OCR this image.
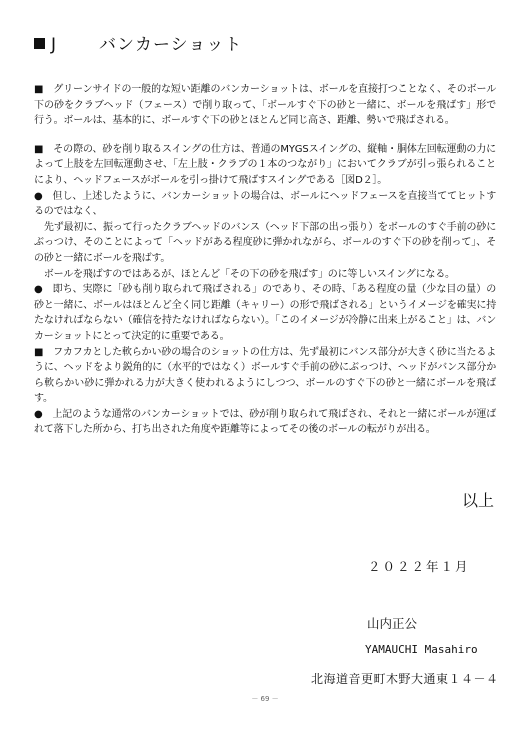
J バンカーショット

■　グリーンサイドの一般的な短い距離のバンカーショットは、ボールを直接打つことなく、そのボール下の砂をクラブヘッド（フェース）で削り取って、「ボールすぐ下の砂と一緒に、ボールを飛ばす」形で行う。ボールは、基本的に、ボールすぐ下の砂とほとんど同じ高さ、距離、勢いで飛ばされる。

■　その際の、砂を削り取るスイングの仕方は、普通のMYGSスイングの、縦軸・胴体左回転運動の力によって上肢を左回転運動させ、「左上肢・クラブの１本のつながり」においてクラブが引っ張られることにより、ヘッドフェースがボールを引っ掛けて飛ばすスイングである［図D２］。

●　但し、上述したように、バンカーショットの場合は、ボールにヘッドフェースを直接当ててヒットするのではなく、

　先ず最初に、振って行ったクラブヘッドのバンス（ヘッド下部の出っ張り）をボールのすぐ手前の砂にぶっつけ、そのことによって「ヘッドがある程度砂に弾かれながら、ボールのすぐ下の砂を削って」、その砂と一緒にボールを飛ばす。

　ボールを飛ばすのではあるが、ほとんど「その下の砂を飛ばす」のに等しいスイングになる。

●　即ち、実際に「砂も削り取られて飛ばされる」のであり、その時、「ある程度の量（少な目の量）の砂と一緒に、ボールはほとんど全く同じ距離（キャリー）の形で飛ばされる」というイメージを確実に持たなければならない（確信を持たなければならない）。「このイメージが冷静に出来上がること」は、バンカーショットにとって決定的に重要である。

■　フカフカとした軟らかい砂の場合のショットの仕方は、先ず最初にバンス部分が大きく砂に当たるように、ヘッドをより鋭角的に（水平的ではなく）ボールすぐ手前の砂にぶっつけ、ヘッドがバンス部分から軟らかい砂に弾かれる力が大きく使われるようにしつつ、ボールのすぐ下の砂と一緒にボールを飛ばす。

●　上記のような通常のバンカーショットでは、砂が削り取られて飛ばされ、それと一緒にボールが運ばれて落下した所から、打ち出された角度や距離等によってその後のボールの転がりが出る。

以上
２０２２年１月
山内正公
YAMAUCHI Masahiro
北海道音更町木野大通東１４－４
－ 69 －
